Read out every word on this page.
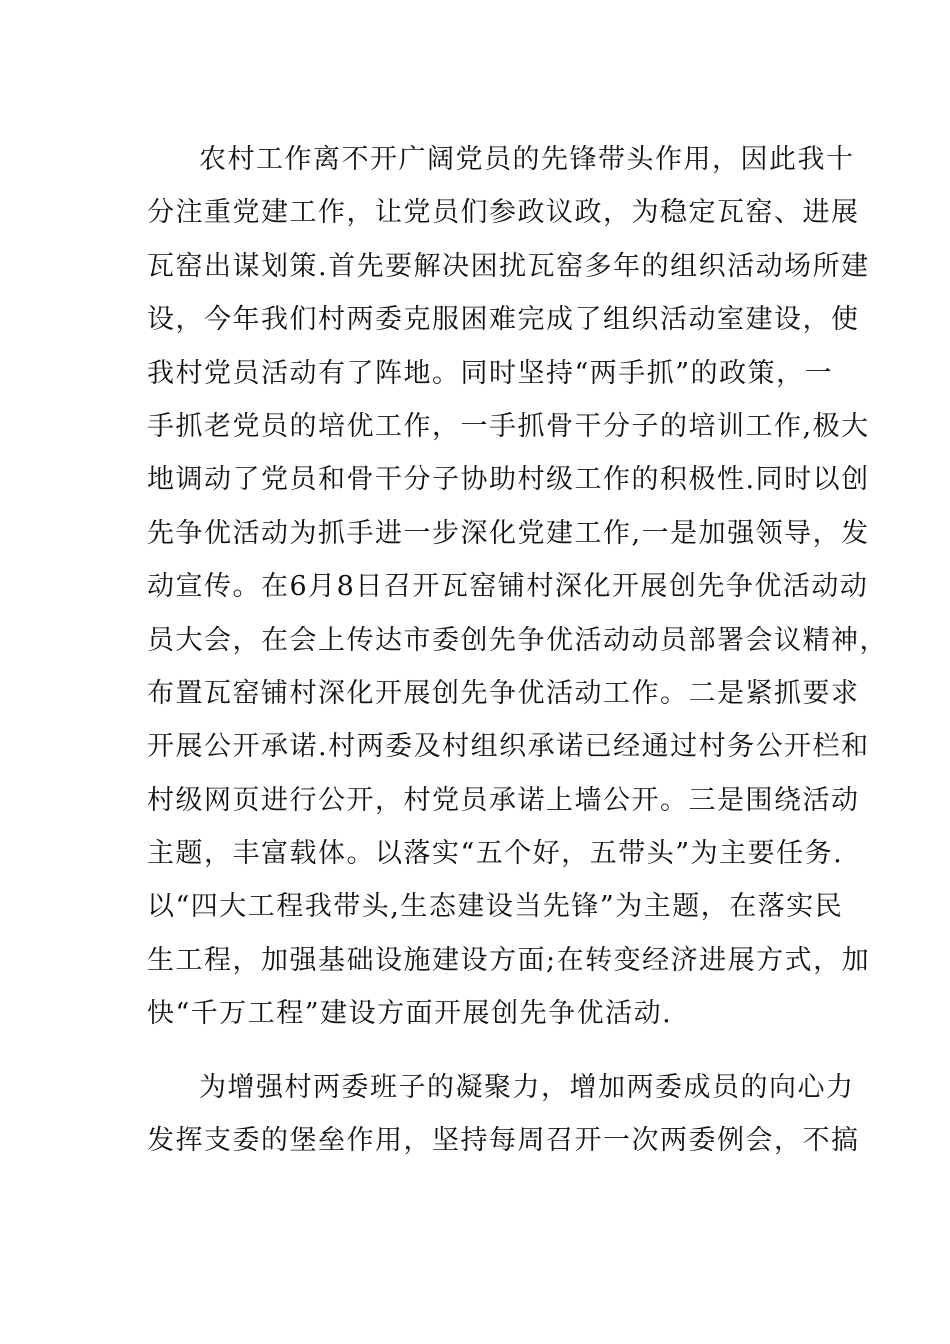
农村工作离不开广阔党员的先锋带头作用，因此我十
分注重党建工作，让党员们参政议政，为稳定瓦窑、进展
瓦窑出谋划策.首先要解决困扰瓦窑多年的组织活动场所建
设，今年我们村两委克服困难完成了组织活动室建设，使
我村党员活动有了阵地。同时坚持“两手抓”的政策，一
手抓老党员的培优工作，一手抓骨干分子的培训工作,极大
地调动了党员和骨干分子协助村级工作的积极性.同时以创
先争优活动为抓手进一步深化党建工作,一是加强领导，发
动宣传。在6月8日召开瓦窑铺村深化开展创先争优活动动
员大会，在会上传达市委创先争优活动动员部署会议精神，
布置瓦窑铺村深化开展创先争优活动工作。二是紧抓要求
开展公开承诺.村两委及村组织承诺已经通过村务公开栏和
村级网页进行公开，村党员承诺上墙公开。三是围绕活动
主题，丰富载体。以落实“五个好，五带头”为主要任务.
以“四大工程我带头,生态建设当先锋”为主题，在落实民
生工程，加强基础设施建设方面;在转变经济进展方式，加
快“千万工程”建设方面开展创先争优活动.
为增强村两委班子的凝聚力，增加两委成员的向心力
发挥支委的堡垒作用，坚持每周召开一次两委例会，不搞
